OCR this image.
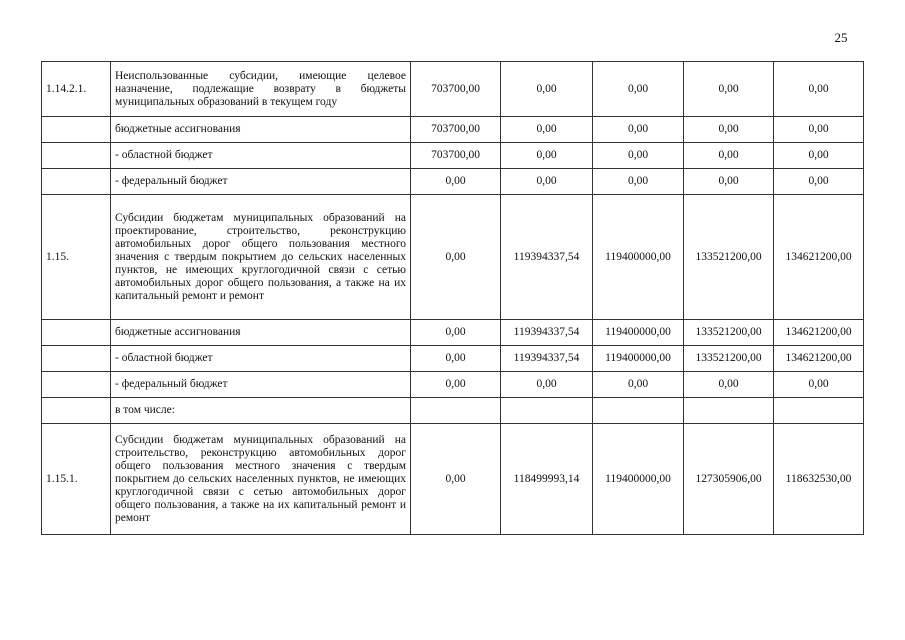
25
1.14.2.1.	Неиспользованные субсидии, имеющие целевое назначение, подлежащие возврату в бюджеты муниципальных образований в текущем году	703700,00	0,00	0,00	0,00	0,00
	бюджетные ассигнования	703700,00	0,00	0,00	0,00	0,00
	- областной бюджет	703700,00	0,00	0,00	0,00	0,00
	- федеральный бюджет	0,00	0,00	0,00	0,00	0,00
1.15.	Субсидии бюджетам муниципальных образований на проектирование, строительство, реконструкцию автомобильных дорог общего пользования местного значения с твердым покрытием до сельских населенных пунктов, не имеющих круглогодичной связи с сетью автомобильных дорог общего пользования, а также на их капитальный ремонт и ремонт	0,00	119394337,54	119400000,00	133521200,00	134621200,00
	бюджетные ассигнования	0,00	119394337,54	119400000,00	133521200,00	134621200,00
	- областной бюджет	0,00	119394337,54	119400000,00	133521200,00	134621200,00
	- федеральный бюджет	0,00	0,00	0,00	0,00	0,00
	в том числе:					
1.15.1.	Субсидии бюджетам муниципальных образований на строительство, реконструкцию автомобильных дорог общего пользования местного значения с твердым покрытием до сельских населенных пунктов, не имеющих круглогодичной связи с сетью автомобильных дорог общего пользования, а также на их капитальный ремонт и ремонт	0,00	118499993,14	119400000,00	127305906,00	118632530,00
